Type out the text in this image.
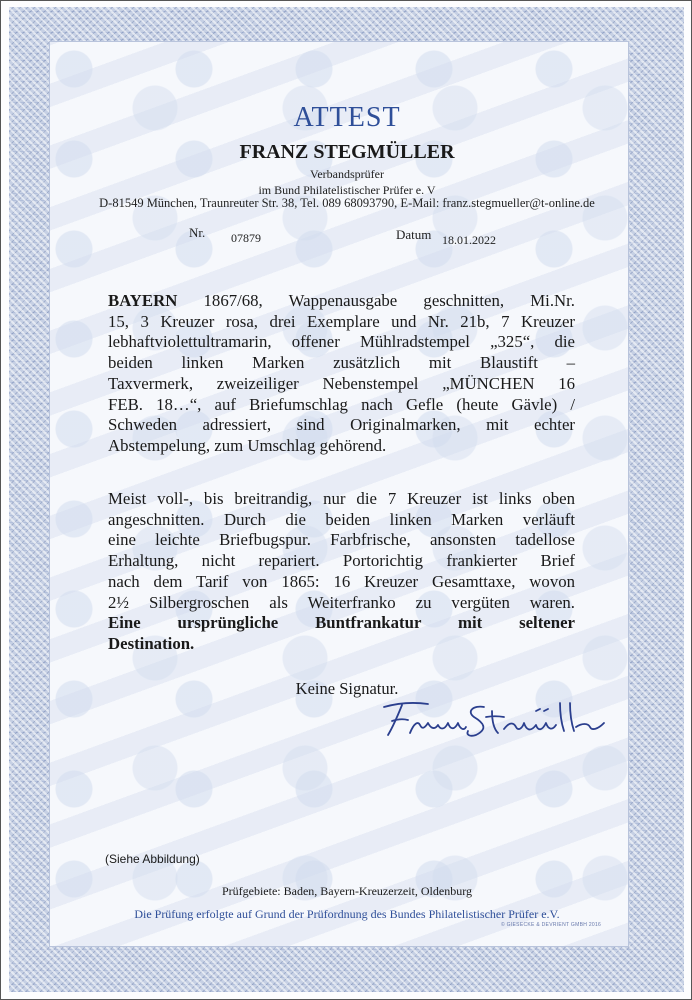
ATTEST
FRANZ STEGMÜLLER
Verbandsprüfer
im Bund Philatelistischer Prüfer e. V
D-81549 München, Traunreuter Str. 38, Tel. 089 68093790, E-Mail: franz.stegmueller@t-online.de
Nr. 07879	Datum 18.01.2022
BAYERN 1867/68, Wappenausgabe geschnitten, Mi.Nr.
15, 3 Kreuzer rosa, drei Exemplare und Nr. 21b, 7 Kreuzer
lebhaftviolettultramarin, offener Mühlradstempel „325“, die
beiden linken Marken zusätzlich mit Blaustift –
Taxvermerk, zweizeiliger Nebenstempel „MÜNCHEN 16
FEB. 18…“, auf Briefumschlag nach Gefle (heute Gävle) /
Schweden adressiert, sind Originalmarken, mit echter
Abstempelung, zum Umschlag gehörend.
Meist voll-, bis breitrandig, nur die 7 Kreuzer ist links oben
angeschnitten. Durch die beiden linken Marken verläuft
eine leichte Briefbugspur. Farbfrische, ansonsten tadellose
Erhaltung, nicht repariert. Portorichtig frankierter Brief
nach dem Tarif von 1865: 16 Kreuzer Gesamttaxe, wovon
2½ Silbergroschen als Weiterfranko zu vergüten waren.
Eine ursprüngliche Buntfrankatur mit seltener
Destination.
Keine Signatur.
(Siehe Abbildung)
Prüfgebiete: Baden, Bayern-Kreuzerzeit, Oldenburg
Die Prüfung erfolgte auf Grund der Prüfordnung des Bundes Philatelistischer Prüfer e.V.
© GIESECKE & DEVRIENT GMBH 2016
